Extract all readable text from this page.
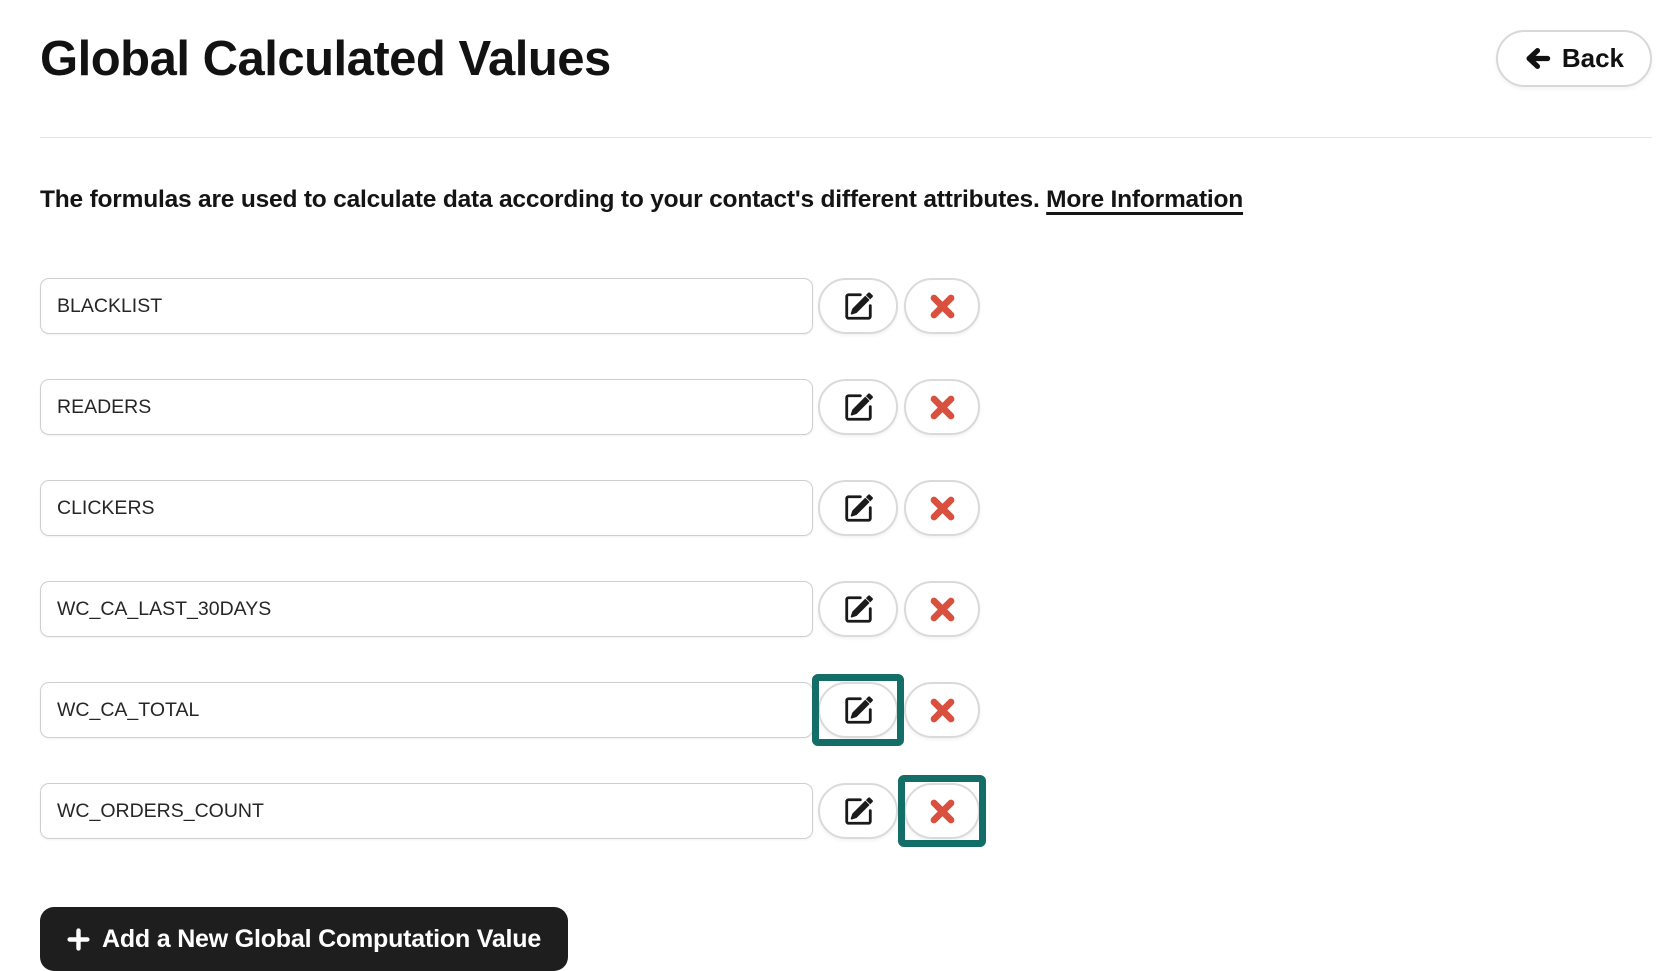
Global Calculated Values	Back

The formulas are used to calculate data according to your contact's different attributes. More Information

BLACKLIST
READERS
CLICKERS
WC_CA_LAST_30DAYS
WC_CA_TOTAL
WC_ORDERS_COUNT
Add a New Global Computation Value
